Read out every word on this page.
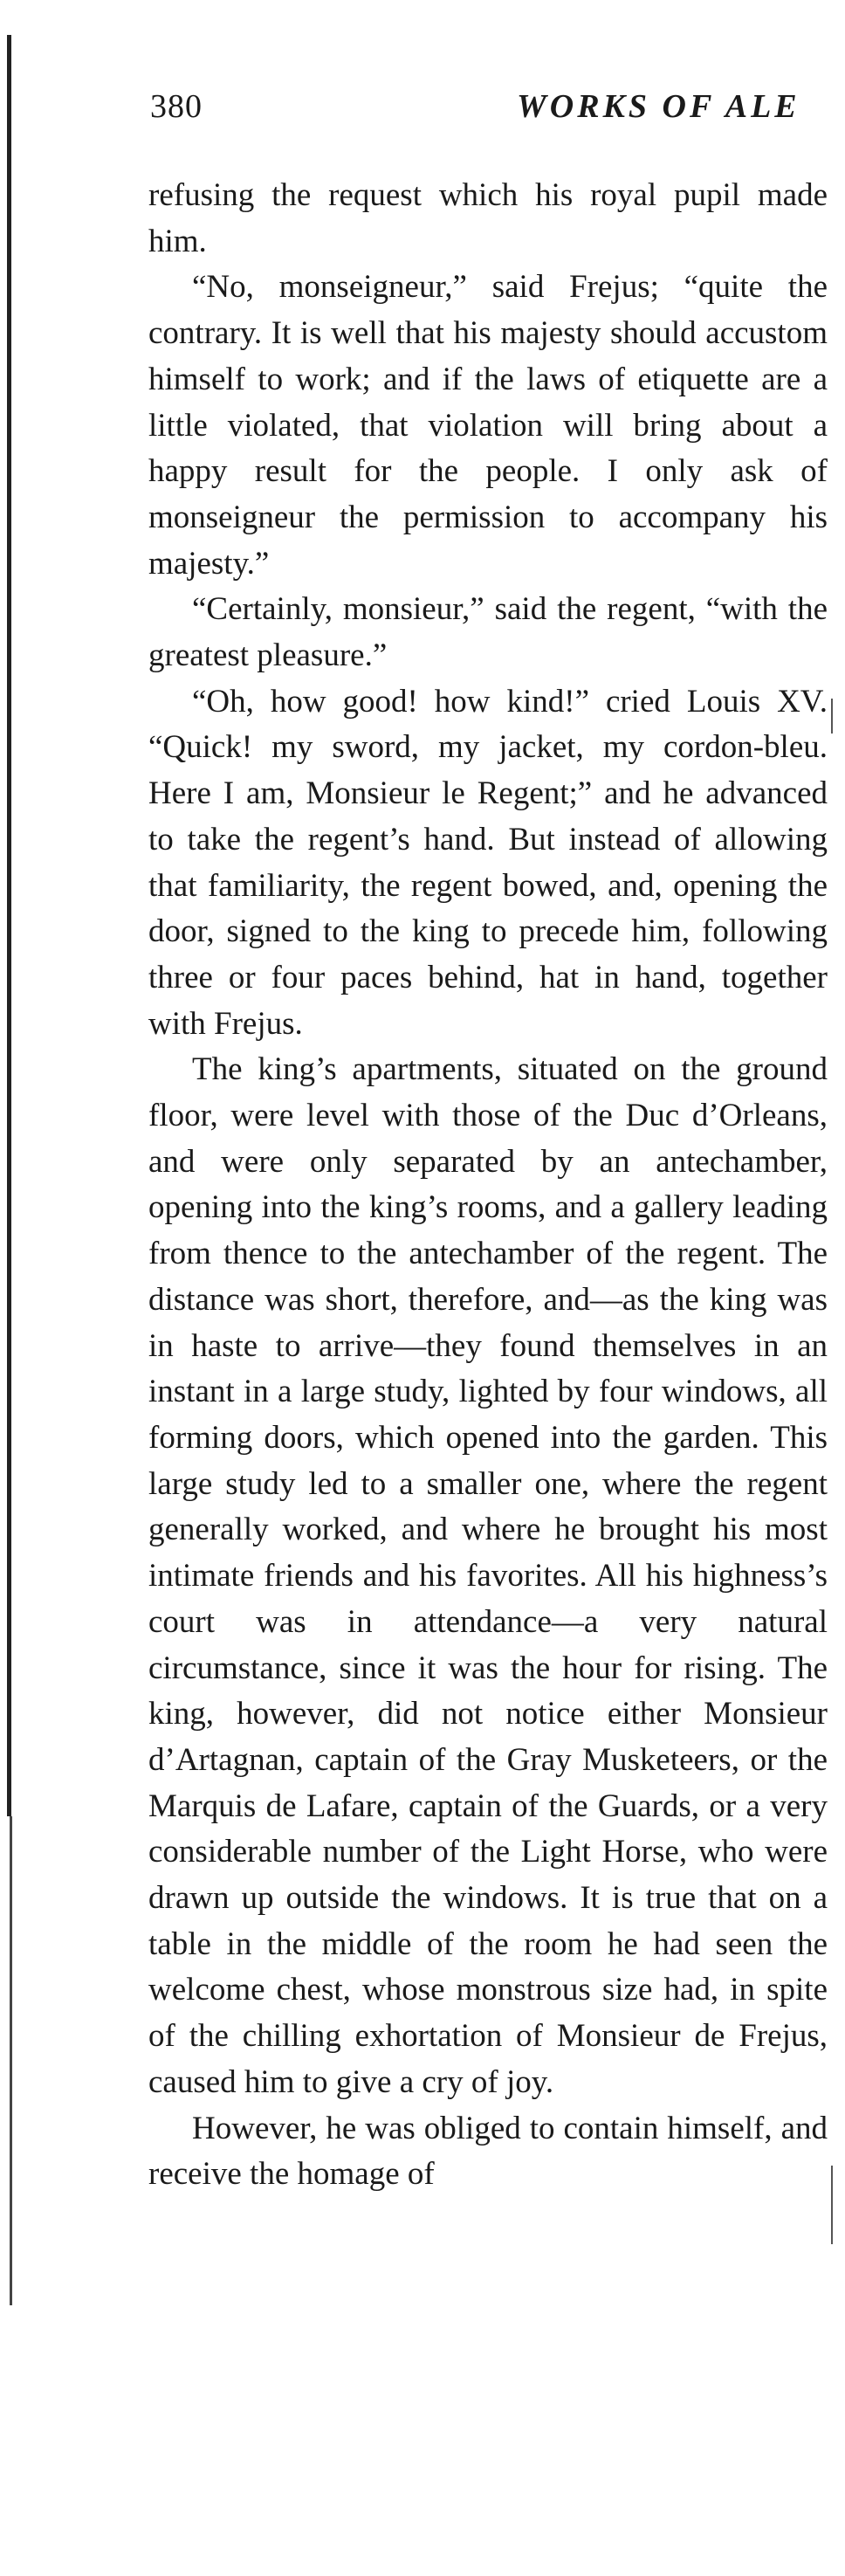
380	WORKS OF ALE

refusing the request which his royal pupil made him.

“No, monseigneur,” said Frejus; “quite the contrary. It is well that his majesty should accustom himself to work; and if the laws of etiquette are a little violated, that violation will bring about a happy result for the people. I only ask of monseigneur the permission to accompany his majesty.”

“Certainly, monsieur,” said the regent, “with the greatest pleasure.”

“Oh, how good! how kind!” cried Louis XV. “Quick! my sword, my jacket, my cordon-bleu. Here I am, Monsieur le Regent;” and he advanced to take the regent’s hand. But instead of allowing that familiarity, the regent bowed, and, opening the door, signed to the king to precede him, following three or four paces behind, hat in hand, together with Frejus.

The king’s apartments, situated on the ground floor, were level with those of the Duc d’Orleans, and were only separated by an antechamber, opening into the king’s rooms, and a gallery leading from thence to the antechamber of the regent. The distance was short, therefore, and—as the king was in haste to arrive—they found themselves in an instant in a large study, lighted by four windows, all forming doors, which opened into the garden. This large study led to a smaller one, where the regent generally worked, and where he brought his most intimate friends and his favorites. All his highness’s court was in attendance—a very natural circumstance, since it was the hour for rising. The king, however, did not notice either Monsieur d’Artagnan, captain of the Gray Musketeers, or the Marquis de Lafare, captain of the Guards, or a very considerable number of the Light Horse, who were drawn up outside the windows. It is true that on a table in the middle of the room he had seen the welcome chest, whose monstrous size had, in spite of the chilling exhortation of Monsieur de Frejus, caused him to give a cry of joy.

However, he was obliged to contain himself, and receive the homage of
